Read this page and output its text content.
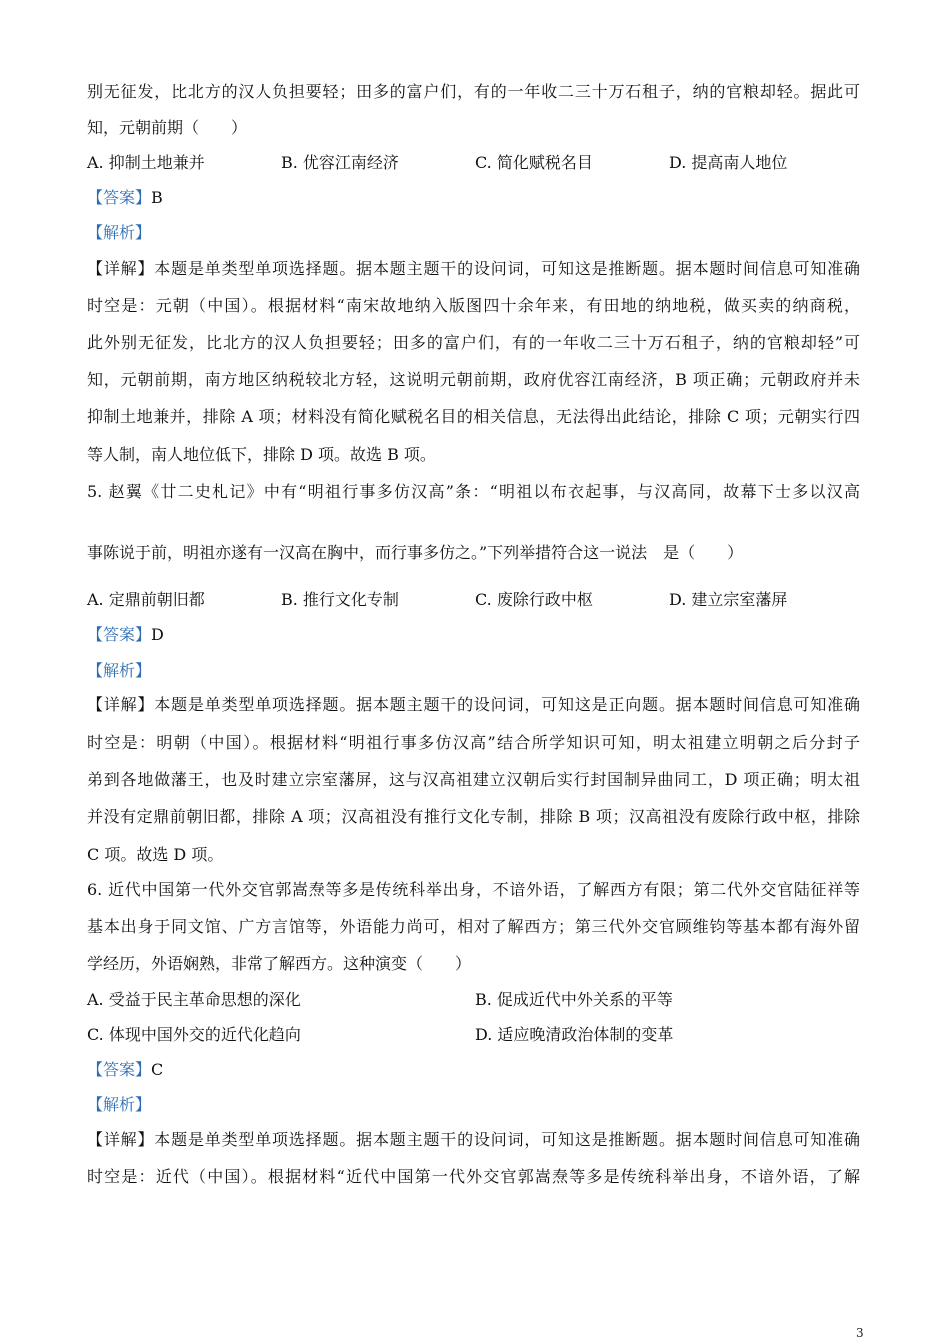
别无征发，比北方的汉人负担要轻；田多的富户们，有的一年收二三十万石租子，纳的官粮却轻。据此可
知，元朝前期（　　）
A. 抑制土地兼并	B. 优容江南经济	C. 简化赋税名目	D. 提高南人地位
【答案】B
【解析】
【详解】本题是单类型单项选择题。据本题主题干的设问词，可知这是推断题。据本题时间信息可知准确
时空是：元朝（中国）。根据材料“南宋故地纳入版图四十余年来，有田地的纳地税，做买卖的纳商税，
此外别无征发，比北方的汉人负担要轻；田多的富户们，有的一年收二三十万石租子，纳的官粮却轻”可
知，元朝前期，南方地区纳税较北方轻，这说明元朝前期，政府优容江南经济，B 项正确；元朝政府并未
抑制土地兼并，排除 A 项；材料没有简化赋税名目的相关信息，无法得出此结论，排除 C 项；元朝实行四
等人制，南人地位低下，排除 D 项。故选 B 项。
5. 赵翼《廿二史札记》中有“明祖行事多仿汉高”条：“明祖以布衣起事，与汉高同，故幕下士多以汉高
事陈说于前，明祖亦遂有一汉高在胸中，而行事多仿之。”下列举措符合这一说法　是（　　）
A. 定鼎前朝旧都	B. 推行文化专制	C. 废除行政中枢	D. 建立宗室藩屏
【答案】D
【解析】
【详解】本题是单类型单项选择题。据本题主题干的设问词，可知这是正向题。据本题时间信息可知准确
时空是：明朝（中国）。根据材料“明祖行事多仿汉高”结合所学知识可知，明太祖建立明朝之后分封子
弟到各地做藩王，也及时建立宗室藩屏，这与汉高祖建立汉朝后实行封国制异曲同工，D 项正确；明太祖
并没有定鼎前朝旧都，排除 A 项；汉高祖没有推行文化专制，排除 B 项；汉高祖没有废除行政中枢，排除
C 项。故选 D 项。
6. 近代中国第一代外交官郭嵩焘等多是传统科举出身，不谙外语，了解西方有限；第二代外交官陆征祥等
基本出身于同文馆、广方言馆等，外语能力尚可，相对了解西方；第三代外交官顾维钧等基本都有海外留
学经历，外语娴熟，非常了解西方。这种演变（　　）
A. 受益于民主革命思想的深化	B. 促成近代中外关系的平等
C. 体现中国外交的近代化趋向	D. 适应晚清政治体制的变革
【答案】C
【解析】
【详解】本题是单类型单项选择题。据本题主题干的设问词，可知这是推断题。据本题时间信息可知准确
时空是：近代（中国）。根据材料“近代中国第一代外交官郭嵩焘等多是传统科举出身，不谙外语，了解
3
